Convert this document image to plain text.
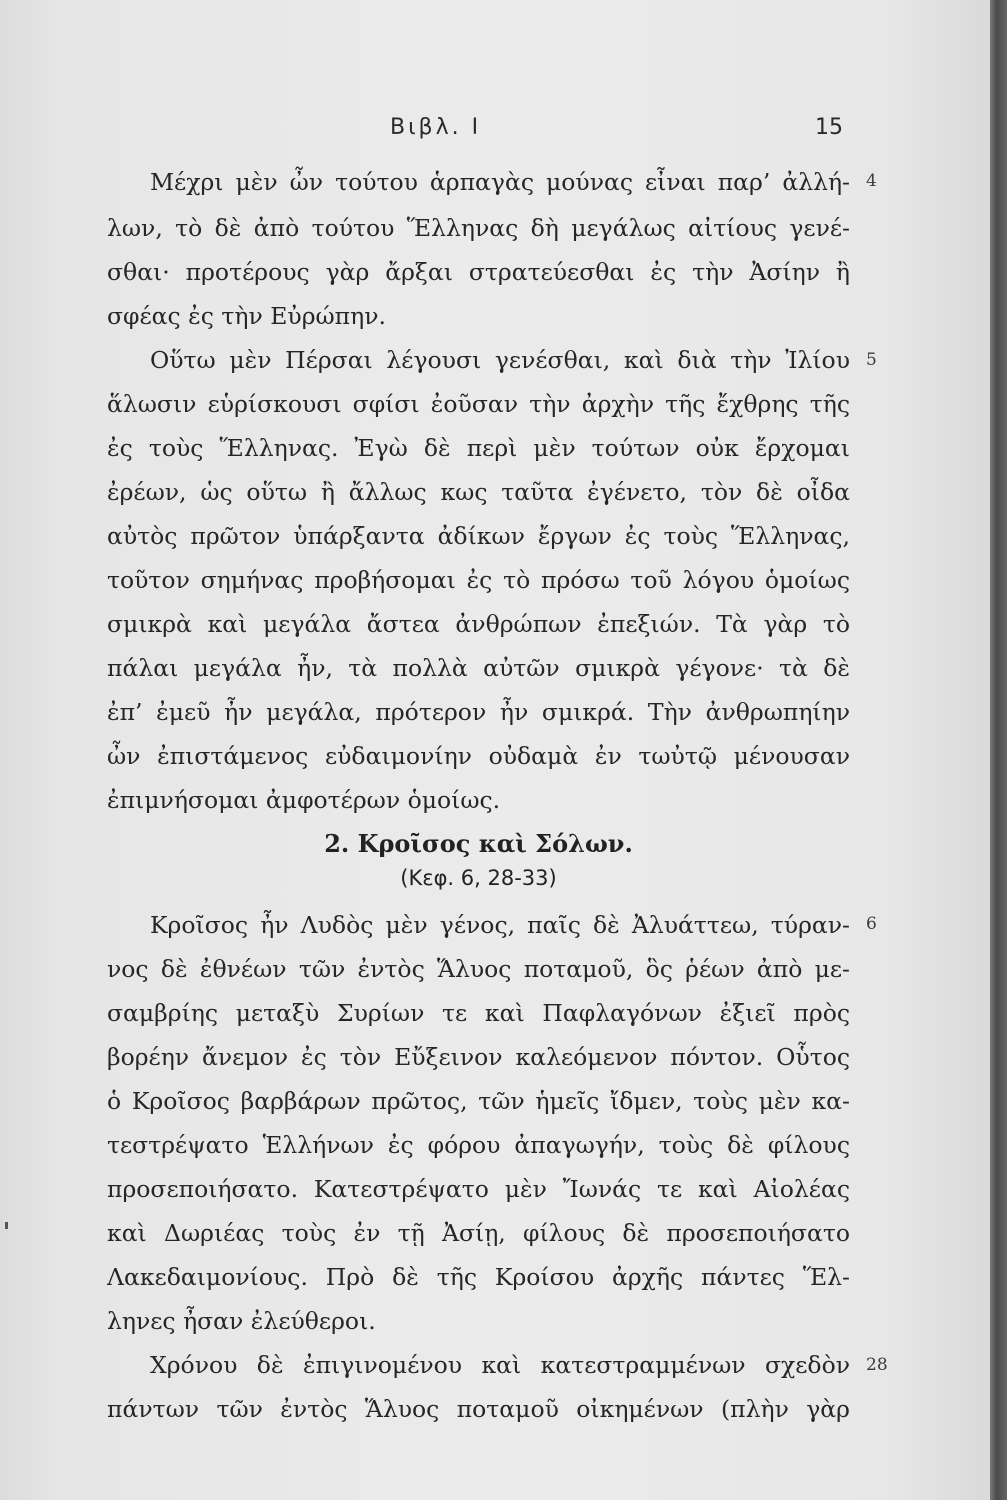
Βιβλ. Ι	15
Μέχρι μὲν ὦν τούτου ἁρπαγὰς μούνας εἶναι παρ’ ἀλλή- 4
λων, τὸ δὲ ἀπὸ τούτου Ἕλληνας δὴ μεγάλως αἰτίους γενέ-
σθαι· προτέρους γὰρ ἄρξαι στρατεύεσθαι ἐς τὴν Ἀσίην ἢ
σφέας ἐς τὴν Εὐρώπην.
Οὕτω μὲν Πέρσαι λέγουσι γενέσθαι, καὶ διὰ τὴν Ἰλίου 5
ἅλωσιν εὑρίσκουσι σφίσι ἐοῦσαν τὴν ἀρχὴν τῆς ἔχθρης τῆς
ἐς τοὺς Ἕλληνας. Ἐγὼ δὲ περὶ μὲν τούτων οὐκ ἔρχομαι
ἐρέων, ὡς οὕτω ἢ ἄλλως κως ταῦτα ἐγένετο, τὸν δὲ οἶδα
αὐτὸς πρῶτον ὑπάρξαντα ἀδίκων ἔργων ἐς τοὺς Ἕλληνας,
τοῦτον σημήνας προβήσομαι ἐς τὸ πρόσω τοῦ λόγου ὁμοίως
σμικρὰ καὶ μεγάλα ἄστεα ἀνθρώπων ἐπεξιών. Τὰ γὰρ τὸ
πάλαι μεγάλα ἦν, τὰ πολλὰ αὐτῶν σμικρὰ γέγονε· τὰ δὲ
ἐπ’ ἐμεῦ ἦν μεγάλα, πρότερον ἦν σμικρά. Τὴν ἀνθρωπηίην
ὦν ἐπιστάμενος εὐδαιμονίην οὐδαμὰ ἐν τωὐτῷ μένουσαν
ἐπιμνήσομαι ἀμφοτέρων ὁμοίως.
2. Κροῖσος καὶ Σόλων.
(Κεφ. 6, 28-33)
Κροῖσος ἦν Λυδὸς μὲν γένος, παῖς δὲ Ἀλυάττεω, τύραν- 6
νος δὲ ἐθνέων τῶν ἐντὸς Ἅλυος ποταμοῦ, ὃς ῥέων ἀπὸ με-
σαμβρίης μεταξὺ Συρίων τε καὶ Παφλαγόνων ἐξιεῖ πρὸς
βορέην ἄνεμον ἐς τὸν Εὔξεινον καλεόμενον πόντον. Οὗτος
ὁ Κροῖσος βαρβάρων πρῶτος, τῶν ἡμεῖς ἴδμεν, τοὺς μὲν κα-
τεστρέψατο Ἑλλήνων ἐς φόρου ἀπαγωγήν, τοὺς δὲ φίλους
προσεποιήσατο. Κατεστρέψατο μὲν Ἴωνάς τε καὶ Αἰολέας
καὶ Δωριέας τοὺς ἐν τῇ Ἀσίῃ, φίλους δὲ προσεποιήσατο
Λακεδαιμονίους. Πρὸ δὲ τῆς Κροίσου ἀρχῆς πάντες Ἕλ-
ληνες ἦσαν ἐλεύθεροι.
Χρόνου δὲ ἐπιγινομένου καὶ κατεστραμμένων σχεδὸν 28
πάντων τῶν ἐντὸς Ἅλυος ποταμοῦ οἰκημένων (πλὴν γὰρ
